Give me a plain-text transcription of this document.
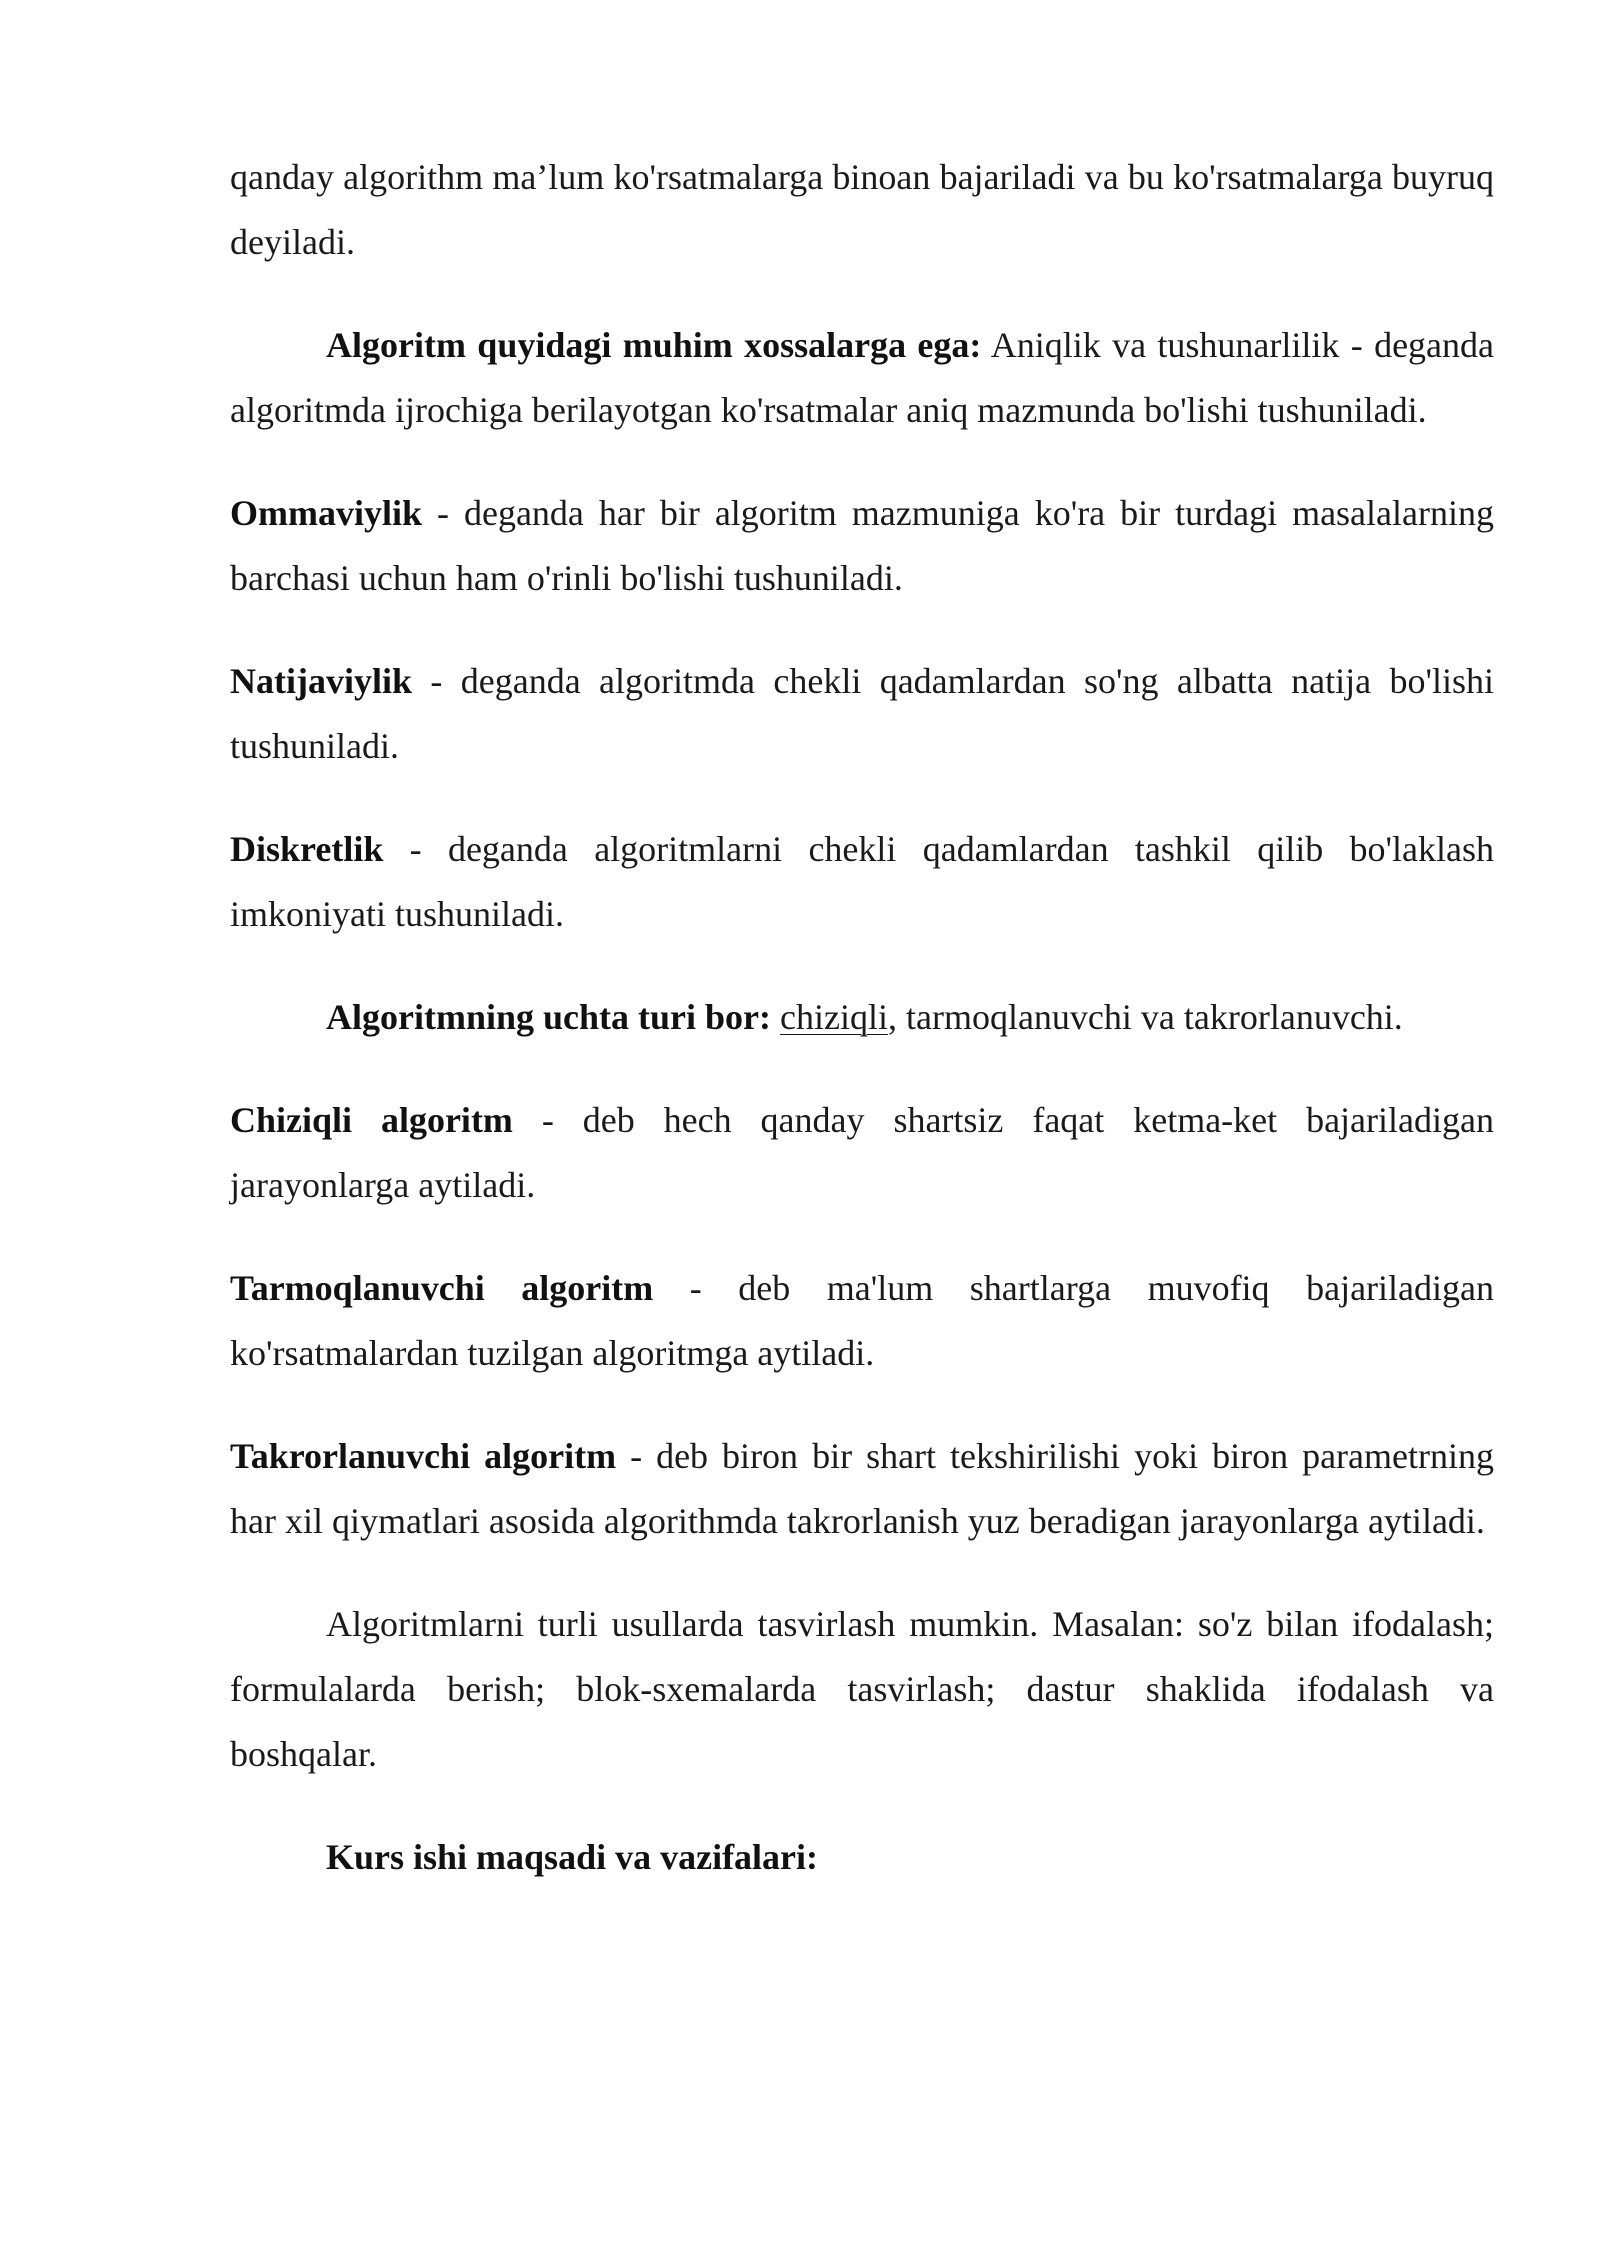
qanday algorithm ma’lum ko'rsatmalarga binoan bajariladi va bu ko'rsatmalarga buyruq deyiladi.

Algoritm quyidagi muhim xossalarga ega: Aniqlik va tushunarlilik - deganda algoritmda ijrochiga berilayotgan ko'rsatmalar aniq mazmunda bo'lishi tushuniladi.

Ommaviylik - deganda har bir algoritm mazmuniga ko'ra bir turdagi masalalarning barchasi uchun ham o'rinli bo'lishi tushuniladi.

Natijaviylik - deganda algoritmda chekli qadamlardan so'ng albatta natija bo'lishi tushuniladi.

Diskretlik - deganda algoritmlarni chekli qadamlardan tashkil qilib bo'laklash imkoniyati tushuniladi.

Algoritmning uchta turi bor: chiziqli, tarmoqlanuvchi va takrorlanuvchi.

Chiziqli algoritm - deb hech qanday shartsiz faqat ketma-ket bajariladigan jarayonlarga aytiladi.

Tarmoqlanuvchi algoritm - deb ma'lum shartlarga muvofiq bajariladigan ko'rsatmalardan tuzilgan algoritmga aytiladi.

Takrorlanuvchi algoritm - deb biron bir shart tekshirilishi yoki biron parametrning har xil qiymatlari asosida algorithmda takrorlanish yuz beradigan jarayonlarga aytiladi.

Algoritmlarni turli usullarda tasvirlash mumkin. Masalan: so'z bilan ifodalash; formulalarda berish; blok-sxemalarda tasvirlash; dastur shaklida ifodalash va boshqalar.

Kurs ishi maqsadi va vazifalari:
